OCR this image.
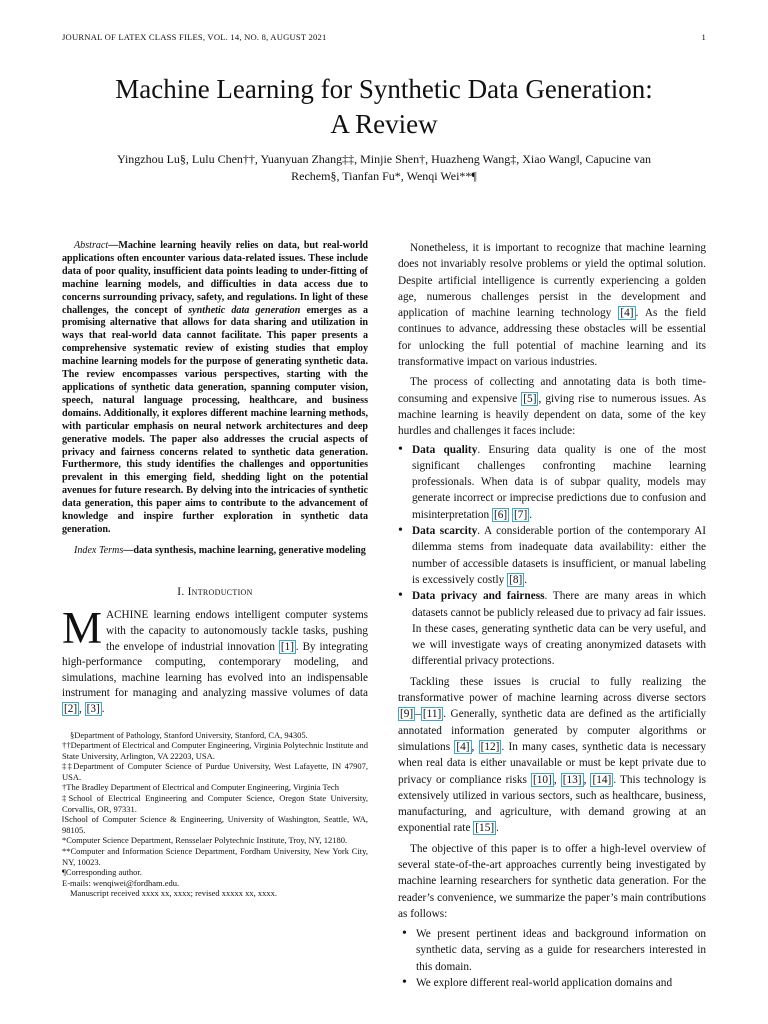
JOURNAL OF LATEX CLASS FILES, VOL. 14, NO. 8, AUGUST 2021	1
Machine Learning for Synthetic Data Generation:
A Review
Yingzhou Lu§, Lulu Chen††, Yuanyuan Zhang‡‡, Minjie Shen†, Huazheng Wang‡, Xiao Wang‖, Capucine van
Rechem§, Tianfan Fu*, Wenqi Wei**¶

Abstract—Machine learning heavily relies on data, but real-world applications often encounter various data-related issues. These include data of poor quality, insufficient data points leading to under-fitting of machine learning models, and difficulties in data access due to concerns surrounding privacy, safety, and regulations. In light of these challenges, the concept of synthetic data generation emerges as a promising alternative that allows for data sharing and utilization in ways that real-world data cannot facilitate. This paper presents a comprehensive systematic review of existing studies that employ machine learning models for the purpose of generating synthetic data. The review encompasses various perspectives, starting with the applications of synthetic data generation, spanning computer vision, speech, natural language processing, healthcare, and business domains. Additionally, it explores different machine learning methods, with particular emphasis on neural network architectures and deep generative models. The paper also addresses the crucial aspects of privacy and fairness concerns related to synthetic data generation. Furthermore, this study identifies the challenges and opportunities prevalent in this emerging field, shedding light on the potential avenues for future research. By delving into the intricacies of synthetic data generation, this paper aims to contribute to the advancement of knowledge and inspire further exploration in synthetic data generation.

Index Terms—data synthesis, machine learning, generative modeling

I. Introduction

MACHINE learning endows intelligent computer systems with the capacity to autonomously tackle tasks, pushing the envelope of industrial innovation [1] . By integrating high-performance computing, contemporary modeling, and simulations, machine learning has evolved into an indispensable instrument for managing and analyzing massive volumes of data [2] , [3] .

§Department of Pathology, Stanford University, Stanford, CA, 94305.

††Department of Electrical and Computer Engineering, Virginia Polytechnic Institute and State University, Arlington, VA 22203, USA.

‡‡Department of Computer Science of Purdue University, West Lafayette, IN 47907, USA.

†The Bradley Department of Electrical and Computer Engineering, Virginia Tech

‡School of Electrical Engineering and Computer Science, Oregon State University, Corvallis, OR, 97331.

‖School of Computer Science & Engineering, University of Washington, Seattle, WA, 98105.

*Computer Science Department, Rensselaer Polytechnic Institute, Troy, NY, 12180.

**Computer and Information Science Department, Fordham University, New York City, NY, 10023.

¶Corresponding author.

E-mails: wenqiwei@fordham.edu.

Manuscript received xxxx xx, xxxx; revised xxxxx xx, xxxx.

Nonetheless, it is important to recognize that machine learning does not invariably resolve problems or yield the optimal solution. Despite artificial intelligence is currently experiencing a golden age, numerous challenges persist in the development and application of machine learning technology [4] . As the field continues to advance, addressing these obstacles will be essential for unlocking the full potential of machine learning and its transformative impact on various industries.

The process of collecting and annotating data is both time-consuming and expensive [5] , giving rise to numerous issues. As machine learning is heavily dependent on data, some of the key hurdles and challenges it faces include:

• Data quality. Ensuring data quality is one of the most significant challenges confronting machine learning professionals. When data is of subpar quality, models may generate incorrect or imprecise predictions due to confusion and misinterpretation [6] [7] .
• Data scarcity. A considerable portion of the contemporary AI dilemma stems from inadequate data availability: either the number of accessible datasets is insufficient, or manual labeling is excessively costly [8] .
• Data privacy and fairness. There are many areas in which datasets cannot be publicly released due to privacy ad fair issues. In these cases, generating synthetic data can be very useful, and we will investigate ways of creating anonymized datasets with differential privacy protections.

Tackling these issues is crucial to fully realizing the transformative power of machine learning across diverse sectors [9] – [11] . Generally, synthetic data are defined as the artificially annotated information generated by computer algorithms or simulations [4] , [12] . In many cases, synthetic data is necessary when real data is either unavailable or must be kept private due to privacy or compliance risks [10] , [13] , [14] . This technology is extensively utilized in various sectors, such as healthcare, business, manufacturing, and agriculture, with demand growing at an exponential rate [15] .

The objective of this paper is to offer a high-level overview of several state-of-the-art approaches currently being investigated by machine learning researchers for synthetic data generation. For the reader’s convenience, we summarize the paper’s main contributions as follows:

• We present pertinent ideas and background information on synthetic data, serving as a guide for researchers interested in this domain.
• We explore different real-world application domains and
